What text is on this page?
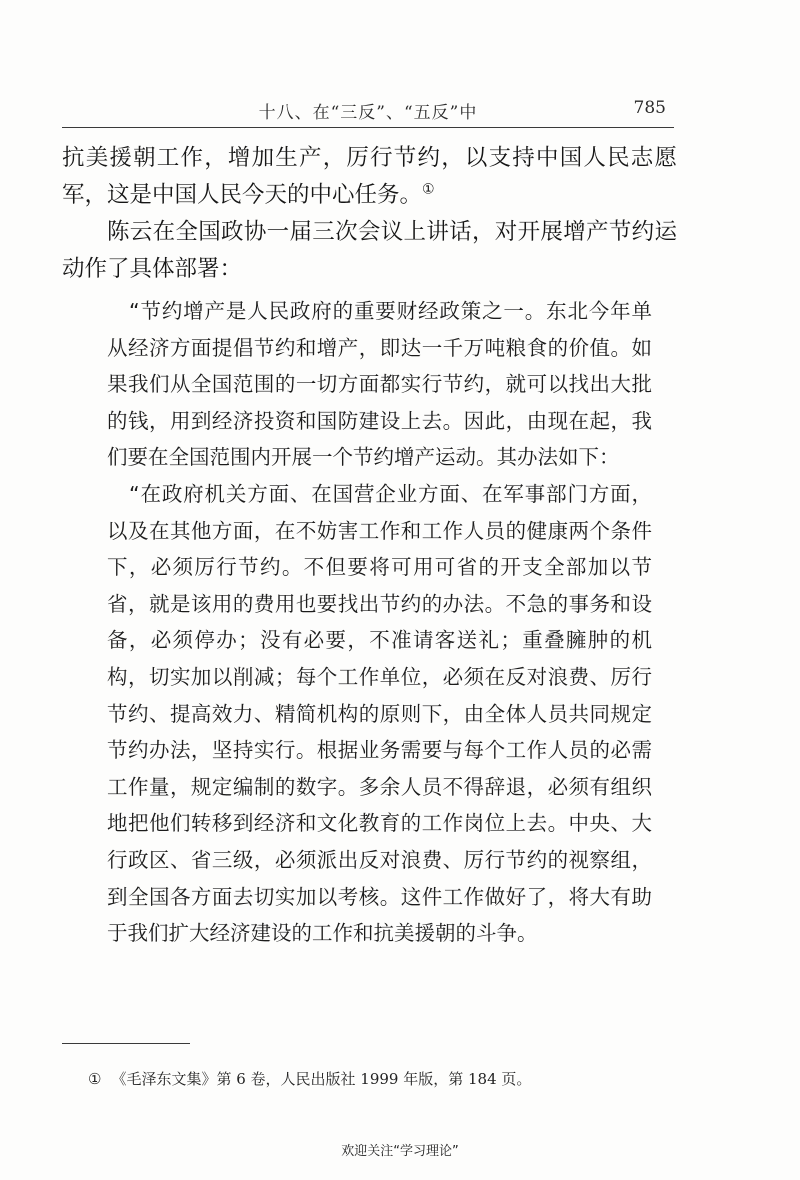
十八、在“三反”、“五反”中	785

抗美援朝工作，增加生产，厉行节约，以支持中国人民志愿军，这是中国人民今天的中心任务。①

陈云在全国政协一届三次会议上讲话，对开展增产节约运动作了具体部署：

“节约增产是人民政府的重要财经政策之一。东北今年单从经济方面提倡节约和增产，即达一千万吨粮食的价值。如果我们从全国范围的一切方面都实行节约，就可以找出大批的钱，用到经济投资和国防建设上去。因此，由现在起，我们要在全国范围内开展一个节约增产运动。其办法如下：

“在政府机关方面、在国营企业方面、在军事部门方面，以及在其他方面，在不妨害工作和工作人员的健康两个条件下，必须厉行节约。不但要将可用可省的开支全部加以节省，就是该用的费用也要找出节约的办法。不急的事务和设备，必须停办；没有必要，不准请客送礼；重叠臃肿的机构，切实加以削减；每个工作单位，必须在反对浪费、厉行节约、提高效力、精简机构的原则下，由全体人员共同规定节约办法，坚持实行。根据业务需要与每个工作人员的必需工作量，规定编制的数字。多余人员不得辞退，必须有组织地把他们转移到经济和文化教育的工作岗位上去。中央、大行政区、省三级，必须派出反对浪费、厉行节约的视察组，到全国各方面去切实加以考核。这件工作做好了，将大有助于我们扩大经济建设的工作和抗美援朝的斗争。

① 《毛泽东文集》第 6 卷，人民出版社 1999 年版，第 184 页。
欢迎关注“学习理论”
